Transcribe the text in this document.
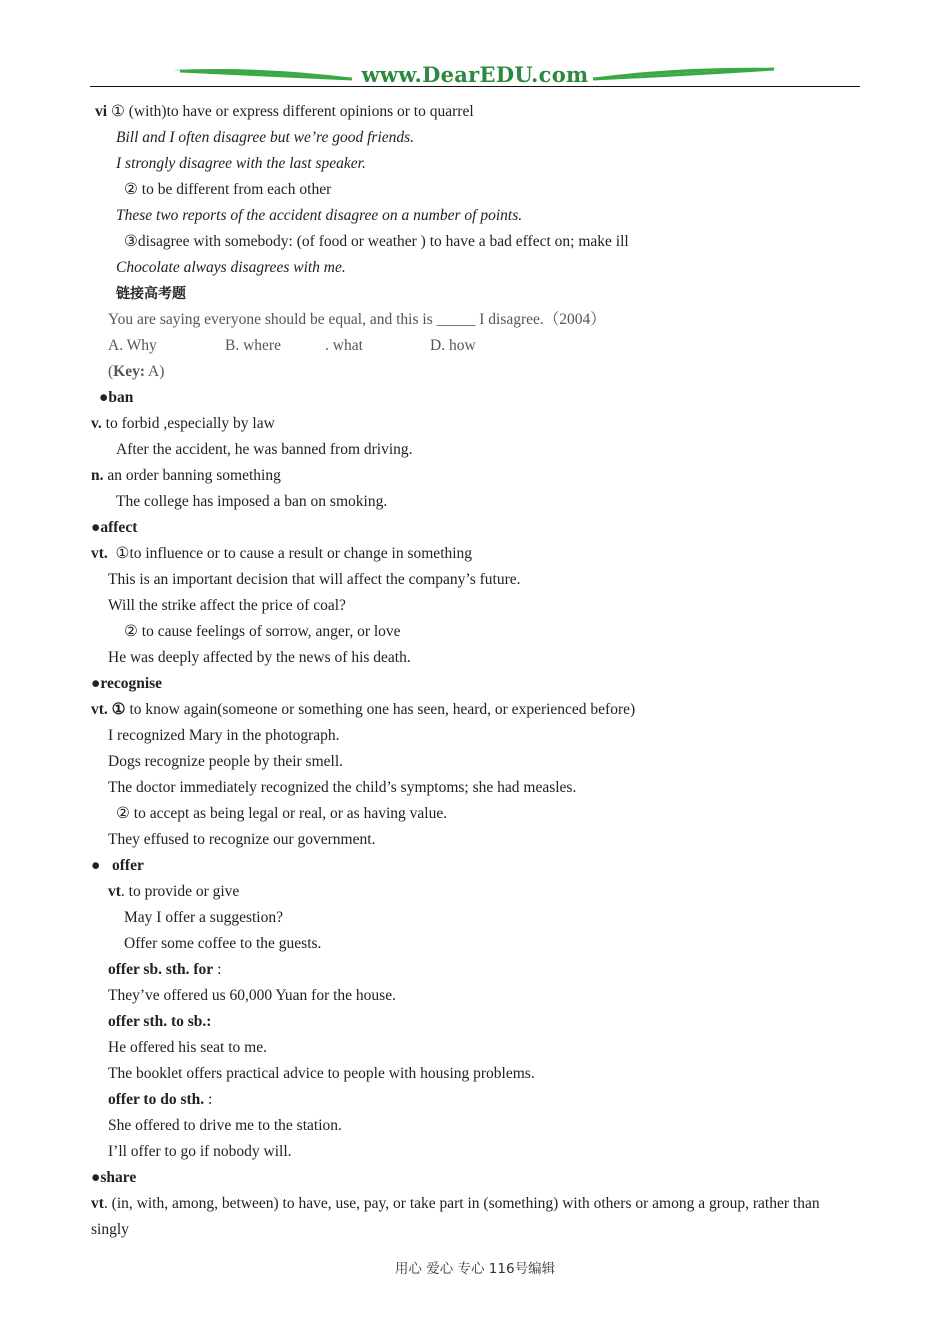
www.DearEDU.com
vi ① (with)to have or express different opinions or to quarrel
Bill and I often disagree but we’re good friends.
I strongly disagree with the last speaker.
② to be different from each other
These two reports of the accident disagree on a number of points.
③disagree with somebody: (of food or weather ) to have a bad effect on; make ill
Chocolate always disagrees with me.
链接高考题
You are saying everyone should be equal, and this is _____ I disagree.（2004）
A. Why	B. where	. what	D. how
(Key: A)
●ban
v. to forbid ,especially by law
After the accident, he was banned from driving.
n. an order banning something
The college has imposed a ban on smoking.
●affect
vt. ①to influence or to cause a result or change in something
This is an important decision that will affect the company’s future.
Will the strike affect the price of coal?
② to cause feelings of sorrow, anger, or love
He was deeply affected by the news of his death.
●recognise
vt. ① to know again(someone or something one has seen, heard, or experienced before)
I recognized Mary in the photograph.
Dogs recognize people by their smell.
The doctor immediately recognized the child’s symptoms; she had measles.
② to accept as being legal or real, or as having value.
They effused to recognize our government.
● offer
vt. to provide or give
May I offer a suggestion?
Offer some coffee to the guests.
offer sb. sth. for :
They’ve offered us 60,000 Yuan for the house.
offer sth. to sb.:
He offered his seat to me.
The booklet offers practical advice to people with housing problems.
offer to do sth. :
She offered to drive me to the station.
I’ll offer to go if nobody will.
●share
vt. (in, with, among, between) to have, use, pay, or take part in (something) with others or among a group, rather than singly
用心 爱心 专心 116号编辑
